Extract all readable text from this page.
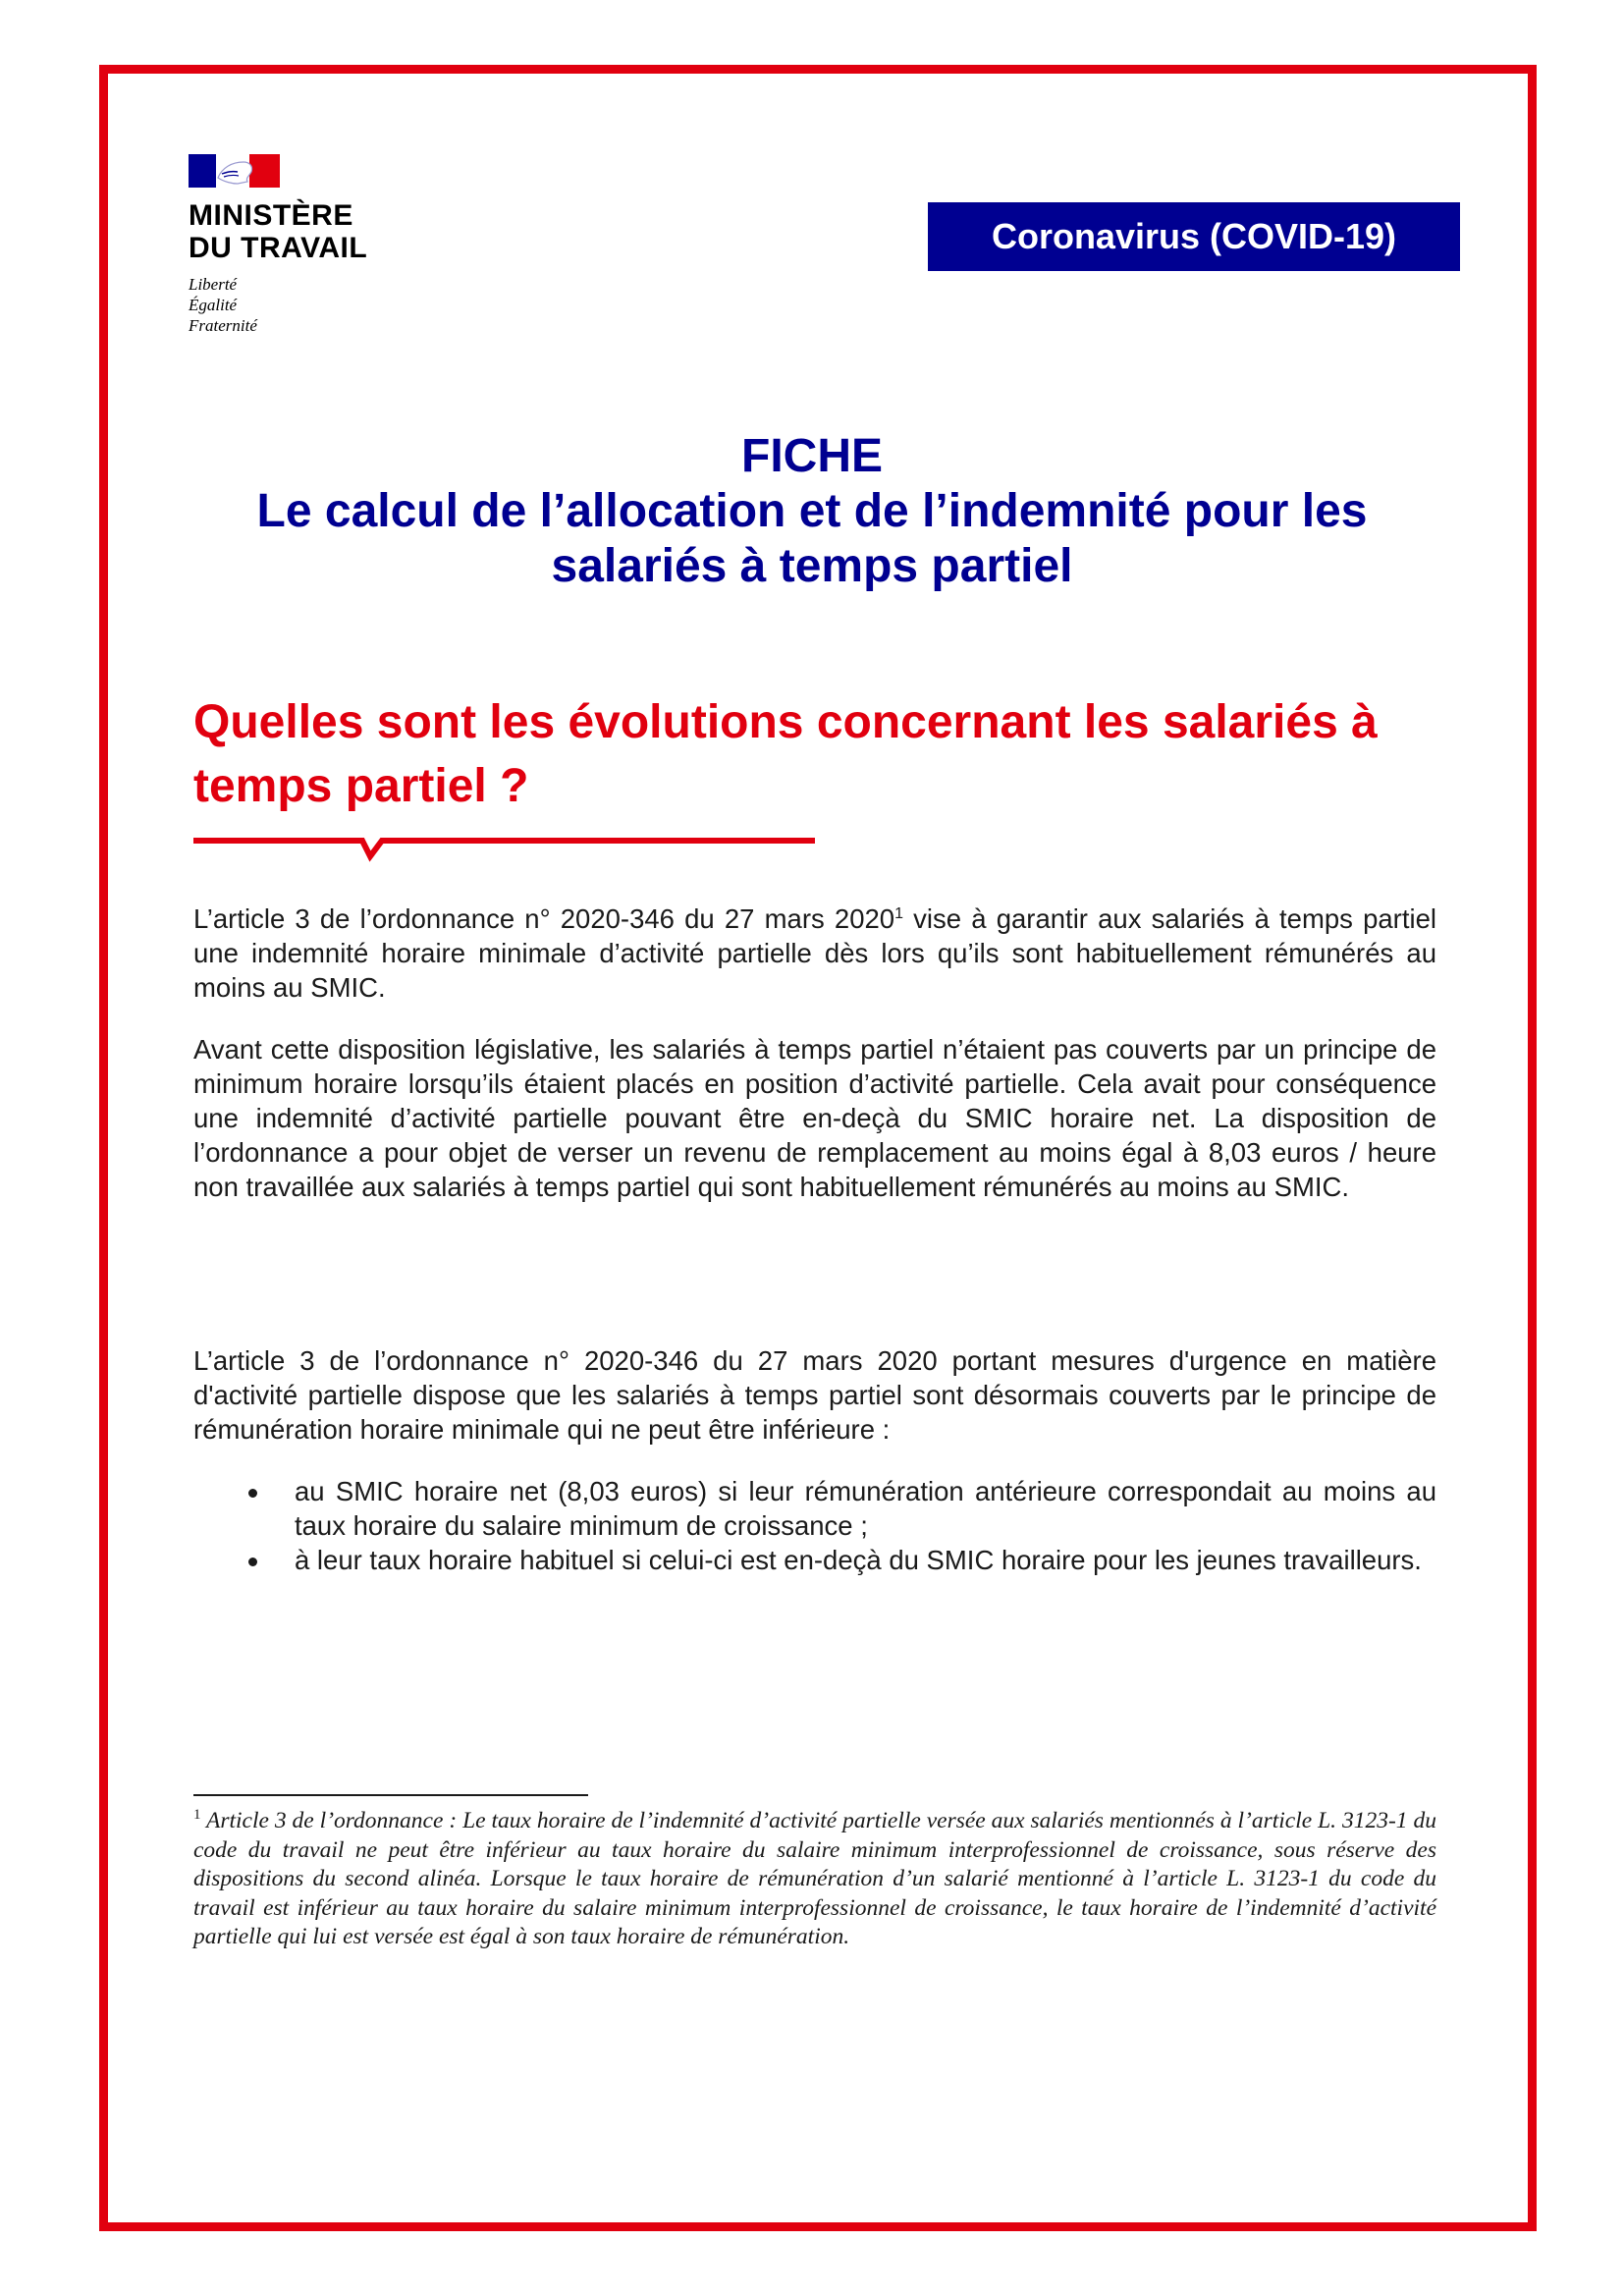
MINISTÈRE
DU TRAVAIL
Liberté
Égalité
Fraternité
Coronavirus (COVID-19)
FICHE
Le calcul de l’allocation et de l’indemnité pour les
salariés à temps partiel
Quelles sont les évolutions concernant les salariés à temps partiel ?
L’article 3 de l’ordonnance n° 2020-346 du 27 mars 2020$^1$ vise à garantir aux salariés à temps partiel une indemnité horaire minimale d’activité partielle dès lors qu’ils sont habituellement rémunérés au moins au SMIC.
Avant cette disposition législative, les salariés à temps partiel n’étaient pas couverts par un principe de minimum horaire lorsqu’ils étaient placés en position d’activité partielle. Cela avait pour conséquence une indemnité d’activité partielle pouvant être en-deçà du SMIC horaire net. La disposition de l’ordonnance a pour objet de verser un revenu de remplacement au moins égal à 8,03 euros / heure non travaillée aux salariés à temps partiel qui sont habituellement rémunérés au moins au SMIC.
L’article 3 de l’ordonnance n° 2020-346 du 27 mars 2020 portant mesures d'urgence en matière d'activité partielle dispose que les salariés à temps partiel sont désormais couverts par le principe de rémunération horaire minimale qui ne peut être inférieure :
au SMIC horaire net (8,03 euros) si leur rémunération antérieure correspondait au moins au taux horaire du salaire minimum de croissance ;
à leur taux horaire habituel si celui-ci est en-deçà du SMIC horaire pour les jeunes travailleurs.
$^1$ Article 3 de l’ordonnance : Le taux horaire de l’indemnité d’activité partielle versée aux salariés mentionnés à l’article L. 3123-1 du code du travail ne peut être inférieur au taux horaire du salaire minimum interprofessionnel de croissance, sous réserve des dispositions du second alinéa. Lorsque le taux horaire de rémunération d’un salarié mentionné à l’article L. 3123-1 du code du travail est inférieur au taux horaire du salaire minimum interprofessionnel de croissance, le taux horaire de l’indemnité d’activité partielle qui lui est versée est égal à son taux horaire de rémunération.
